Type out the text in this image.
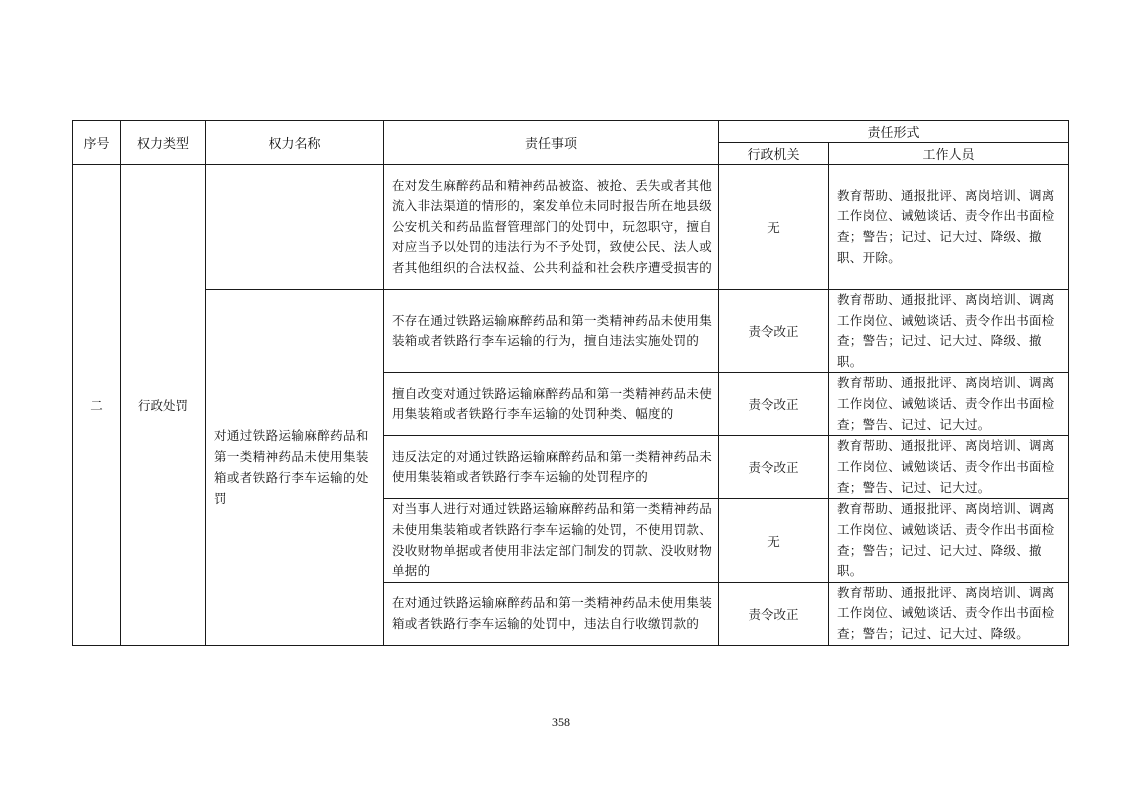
序号	权力类型	权力名称	责任事项	责任形式	
				行政机关	工作人员
二	行政处罚		在对发生麻醉药品和精神药品被盗、被抢、丢失或者其他流入非法渠道的情形的，案发单位未同时报告所在地县级公安机关和药品监督管理部门的处罚中，玩忽职守，擅自对应当予以处罚的违法行为不予处罚，致使公民、法人或者其他组织的合法权益、公共利益和社会秩序遭受损害的	无	教育帮助、通报批评、离岗培训、调离工作岗位、诫勉谈话、责令作出书面检查；警告；记过、记大过、降级、撤职、开除。
		对通过铁路运输麻醉药品和第一类精神药品未使用集装箱或者铁路行李车运输的处罚	不存在通过铁路运输麻醉药品和第一类精神药品未使用集装箱或者铁路行李车运输的行为，擅自违法实施处罚的	责令改正	教育帮助、通报批评、离岗培训、调离工作岗位、诫勉谈话、责令作出书面检查；警告；记过、记大过、降级、撤职。
			擅自改变对通过铁路运输麻醉药品和第一类精神药品未使用集装箱或者铁路行李车运输的处罚种类、幅度的	责令改正	教育帮助、通报批评、离岗培训、调离工作岗位、诫勉谈话、责令作出书面检查；警告、记过、记大过。
			违反法定的对通过铁路运输麻醉药品和第一类精神药品未使用集装箱或者铁路行李车运输的处罚程序的	责令改正	教育帮助、通报批评、离岗培训、调离工作岗位、诫勉谈话、责令作出书面检查；警告、记过、记大过。
			对当事人进行对通过铁路运输麻醉药品和第一类精神药品未使用集装箱或者铁路行李车运输的处罚，不使用罚款、没收财物单据或者使用非法定部门制发的罚款、没收财物单据的	无	教育帮助、通报批评、离岗培训、调离工作岗位、诫勉谈话、责令作出书面检查；警告；记过、记大过、降级、撤职。
			在对通过铁路运输麻醉药品和第一类精神药品未使用集装箱或者铁路行李车运输的处罚中，违法自行收缴罚款的	责令改正	教育帮助、通报批评、离岗培训、调离工作岗位、诫勉谈话、责令作出书面检查；警告；记过、记大过、降级。
358
